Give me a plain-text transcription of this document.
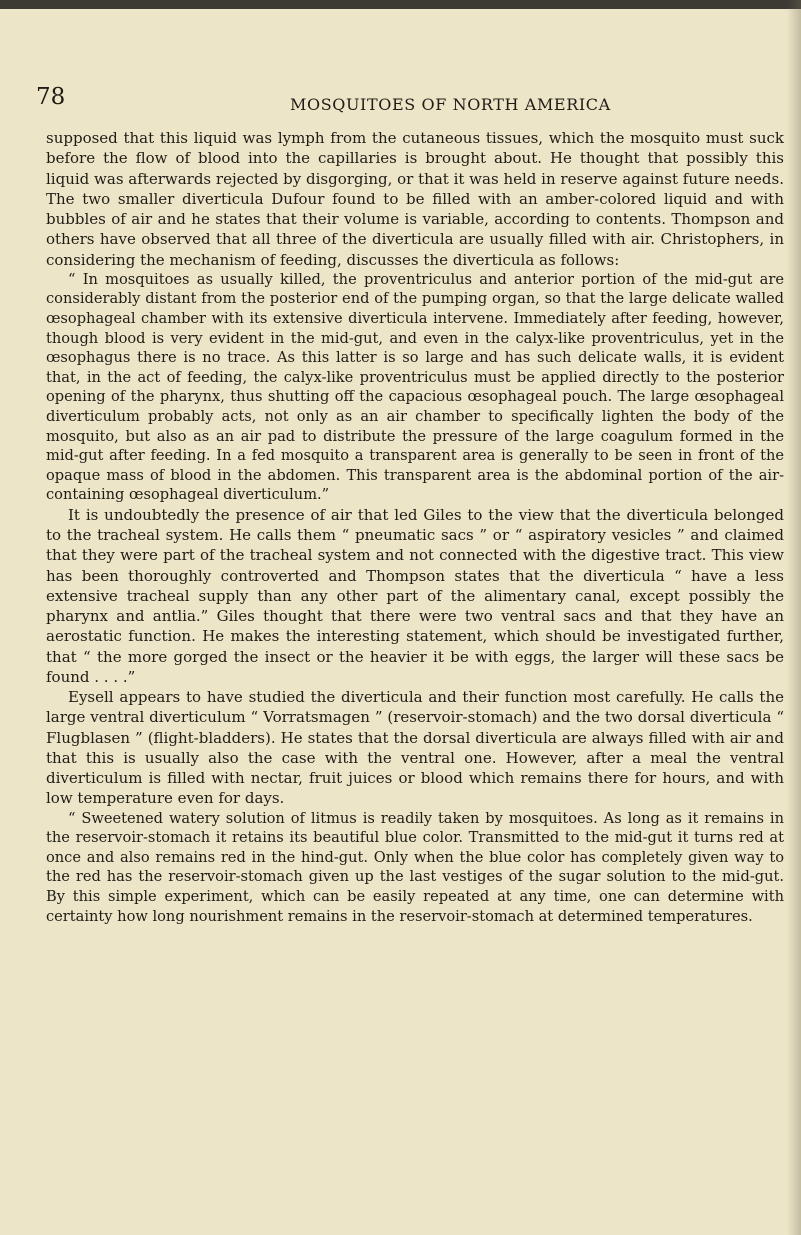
78	MOSQUITOES OF NORTH AMERICA

supposed that this liquid was lymph from the cutaneous tissues, which the mosquito must suck before the flow of blood into the capillaries is brought about. He thought that possibly this liquid was afterwards rejected by disgorging, or that it was held in reserve against future needs. The two smaller diverticula Dufour found to be filled with an amber-colored liquid and with bubbles of air and he states that their volume is variable, according to contents. Thompson and others have observed that all three of the diverticula are usually filled with air. Christophers, in considering the mechanism of feeding, discusses the diverticula as follows:

“ In mosquitoes as usually killed, the proventriculus and anterior portion of the mid-gut are considerably distant from the posterior end of the pumping organ, so that the large delicate walled œsophageal chamber with its extensive diverticula intervene. Immediately after feeding, however, though blood is very evident in the mid-gut, and even in the calyx-like proventriculus, yet in the œsophagus there is no trace. As this latter is so large and has such delicate walls, it is evident that, in the act of feeding, the calyx-like proventriculus must be applied directly to the posterior opening of the pharynx, thus shutting off the capacious œsophageal pouch. The large œsophageal diverticulum probably acts, not only as an air chamber to specifically lighten the body of the mosquito, but also as an air pad to distribute the pressure of the large coagulum formed in the mid-gut after feeding. In a fed mosquito a transparent area is generally to be seen in front of the opaque mass of blood in the abdomen. This transparent area is the abdominal portion of the air-containing œsophageal diverticulum.”

It is undoubtedly the presence of air that led Giles to the view that the diverticula belonged to the tracheal system. He calls them “ pneumatic sacs ” or “ aspiratory vesicles ” and claimed that they were part of the tracheal system and not connected with the digestive tract. This view has been thoroughly controverted and Thompson states that the diverticula “ have a less extensive tracheal supply than any other part of the alimentary canal, except possibly the pharynx and antlia.” Giles thought that there were two ventral sacs and that they have an aerostatic function. He makes the interesting statement, which should be investigated further, that “ the more gorged the insect or the heavier it be with eggs, the larger will these sacs be found . . . .”

Eysell appears to have studied the diverticula and their function most carefully. He calls the large ventral diverticulum “ Vorratsmagen ” (reservoir-stomach) and the two dorsal diverticula “ Flugblasen ” (flight-bladders). He states that the dorsal diverticula are always filled with air and that this is usually also the case with the ventral one. However, after a meal the ventral diverticulum is filled with nectar, fruit juices or blood which remains there for hours, and with low temperature even for days.

“ Sweetened watery solution of litmus is readily taken by mosquitoes. As long as it remains in the reservoir-stomach it retains its beautiful blue color. Transmitted to the mid-gut it turns red at once and also remains red in the hind-gut. Only when the blue color has completely given way to the red has the reservoir-stomach given up the last vestiges of the sugar solution to the mid-gut. By this simple experiment, which can be easily repeated at any time, one can determine with certainty how long nourishment remains in the reservoir-stomach at determined temperatures.
